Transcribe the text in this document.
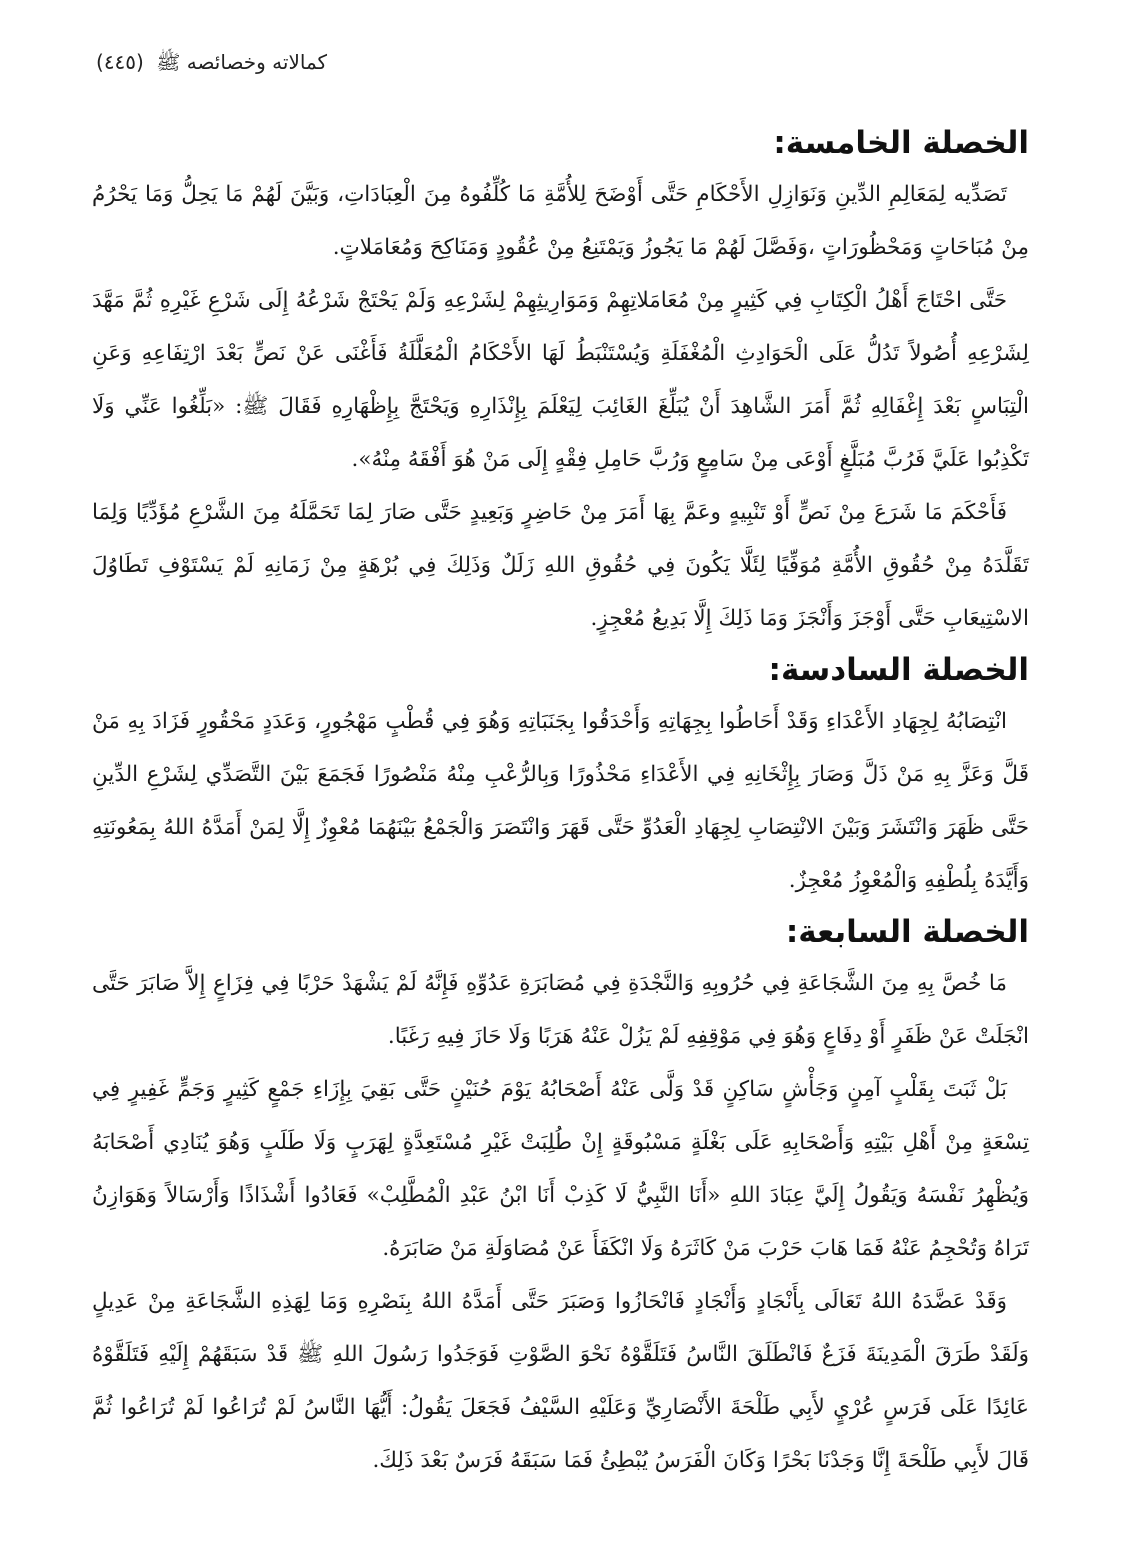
كمالاته وخصائصه ﷺ (٤٤٥)
الخصلة الخامسة:

تَصَدِّيه لِمَعَالِمِ الدِّينِ وَنَوَازِلِ الأَحْكَامِ حَتَّى أَوْضَحَ لِلأُمَّةِ مَا كُلِّفُوهُ مِنَ الْعِبَادَاتِ، وَبَيَّنَ لَهُمْ مَا يَحِلُّ وَمَا يَحْرُمُ مِنْ مُبَاحَاتٍ وَمَحْظُورَاتٍ ،وَفَصَّلَ لَهُمْ مَا يَجُوزُ وَيَمْتَنِعُ مِنْ عُقُودٍ وَمَنَاكِحَ وَمُعَامَلاتٍ.

حَتَّى احْتَاجَ أَهْلُ الْكِتَابِ فِي كَثِيرٍ مِنْ مُعَامَلاتِهِمْ وَمَوَارِيثِهِمْ لِشَرْعِهِ وَلَمْ يَحْتَجْ شَرْعُهُ إِلَى شَرْعِ غَيْرِهِ ثُمَّ مَهَّدَ لِشَرْعِهِ أُصُولاً تَدُلُّ عَلَى الْحَوَادِثِ الْمُغْفَلَةِ وَيُسْتَنْبَطُ لَهَا الأَحْكَامُ الْمُعَلَّلَةُ فَأَغْنَى عَنْ نَصٍّ بَعْدَ ارْتِفَاعِهِ وَعَنِ الْتِبَاسٍ بَعْدَ إِغْفَالِهِ ثُمَّ أَمَرَ الشَّاهِدَ أَنْ يُبَلِّغَ الغَائِبَ لِيَعْلَمَ بِإِنْذَارِهِ وَيَحْتَجَّ بِإِظْهَارِهِ فَقَالَ ﷺ: «بَلِّغُوا عَنِّي وَلَا تَكْذِبُوا عَلَيَّ فَرُبَّ مُبَلَّغٍ أَوْعَى مِنْ سَامِعٍ وَرُبَّ حَامِلِ فِقْهٍ إِلَى مَنْ هُوَ أَفْقَهُ مِنْهُ».

فَأَحْكَمَ مَا شَرَعَ مِنْ نَصٍّ أَوْ تَنْبِيهٍ وعَمَّ بِهَا أَمَرَ مِنْ حَاضِرٍ وَبَعِيدٍ حَتَّى صَارَ لِمَا تَحَمَّلَهُ مِنَ الشَّرْعِ مُؤَدِّيًا وَلِمَا تَقَلَّدَهُ مِنْ حُقُوقِ الأُمَّةِ مُوَفِّيًا لِئَلَّا يَكُونَ فِي حُقُوقِ اللهِ زَلَلٌ وَذَلِكَ فِي بُرْهَةٍ مِنْ زَمَانِهِ لَمْ يَسْتَوْفِ تَطَاوُلَ الاسْتِيعَابِ حَتَّى أَوْجَزَ وَأَنْجَزَ وَمَا ذَلِكَ إِلَّا بَدِيعُ مُعْجِزٍ.

الخصلة السادسة:

انْتِصَابُهُ لِجِهَادِ الأَعْدَاءِ وَقَدْ أَحَاطُوا بِجِهَاتِهِ وَأَحْدَقُوا بِجَنَبَاتِهِ وَهُوَ فِي قُطْبٍ مَهْجُورٍ، وَعَدَدٍ مَحْقُورٍ فَزَادَ بِهِ مَنْ قَلَّ وَعَزَّ بِهِ مَنْ ذَلَّ وَصَارَ بِإِثْخَانِهِ فِي الأَعْدَاءِ مَحْذُورًا وَبِالرُّعْبِ مِنْهُ مَنْصُورًا فَجَمَعَ بَيْنَ التَّصَدِّي لِشَرْعِ الدِّينِ حَتَّى ظَهَرَ وَانْتَشَرَ وَبَيْنَ الانْتِصَابِ لِجِهَادِ الْعَدُوِّ حَتَّى قَهَرَ وَانْتَصَرَ وَالْجَمْعُ بَيْنَهُمَا مُعْوِزٌ إِلَّا لِمَنْ أَمَدَّهُ اللهُ بِمَعُونَتِهِ وَأَيَّدَهُ بِلُطْفِهِ وَالْمُعْوِزُ مُعْجِزٌ.

الخصلة السابعة:

مَا خُصَّ بِهِ مِنَ الشَّجَاعَةِ فِي حُرُوبِهِ وَالنَّجْدَةِ فِي مُصَابَرَةِ عَدُوِّهِ فَإِنَّهُ لَمْ يَشْهَدْ حَرْبًا فِي فِزَاعٍ إِلاَّ صَابَرَ حَتَّى انْجَلَتْ عَنْ ظَفَرٍ أَوْ دِفَاعٍ وَهُوَ فِي مَوْقِفِهِ لَمْ يَزُلْ عَنْهُ هَرَبًا وَلَا حَازَ فِيهِ رَغَبًا.

بَلْ ثَبَتَ بِقَلْبٍ آمِنٍ وَجَأْشٍ سَاكِنٍ قَدْ وَلَّى عَنْهُ أَصْحَابُهُ يَوْمَ حُنَيْنٍ حَتَّى بَقِيَ بِإِزَاءِ جَمْعٍ كَثِيرٍ وَجَمٍّ غَفِيرٍ فِي تِسْعَةٍ مِنْ أَهْلِ بَيْتِهِ وَأَصْحَابِهِ عَلَى بَغْلَةٍ مَسْبُوقَةٍ إِنْ طُلِبَتْ غَيْرِ مُسْتَعِدَّةٍ لِهَرَبٍ وَلَا طَلَبٍ وَهُوَ يُنَادِي أَصْحَابَهُ وَيُظْهِرُ نَفْسَهُ وَيَقُولُ إِلَيَّ عِبَادَ اللهِ «أَنَا النَّبِيُّ لَا كَذِبْ أَنَا ابْنُ عَبْدِ الْمُطَّلِبْ» فَعَادُوا أَشْذَاذًا وَأَرْسَالاً وَهَوَازِنُ تَرَاهُ وَتُحْجِمُ عَنْهُ فَمَا هَابَ حَرْبَ مَنْ كَاثَرَهُ وَلَا انْكَفَأَ عَنْ مُصَاوَلَةِ مَنْ صَابَرَهُ.

وَقَدْ عَضَّدَهُ اللهُ تَعَالَى بِأَنْجَادٍ وَأَنْجَادٍ فَانْحَازُوا وَصَبَرَ حَتَّى أَمَدَّهُ اللهُ بِنَصْرِهِ وَمَا لِهَذِهِ الشَّجَاعَةِ مِنْ عَدِيلٍ وَلَقَدْ طَرَقَ الْمَدِينَةَ فَزَعٌ فَانْطَلَقَ النَّاسُ فَتَلَقَّوْهُ نَحْوَ الصَّوْتِ فَوَجَدُوا رَسُولَ اللهِ ﷺ قَدْ سَبَقَهُمْ إِلَيْهِ فَتَلَقَّوْهُ عَائِدًا عَلَى فَرَسٍ عُرْيٍ لأَبِي طَلْحَةَ الأَنْصَارِيِّ وَعَلَيْهِ السَّيْفُ فَجَعَلَ يَقُولُ: أَيُّهَا النَّاسُ لَمْ تُرَاعُوا لَمْ تُرَاعُوا ثُمَّ قَالَ لأَبِي طَلْحَةَ إِنَّا وَجَدْنَا بَحْرًا وَكَانَ الْفَرَسُ يُبْطِئُ فَمَا سَبَقَهُ فَرَسٌ بَعْدَ ذَلِكَ.
